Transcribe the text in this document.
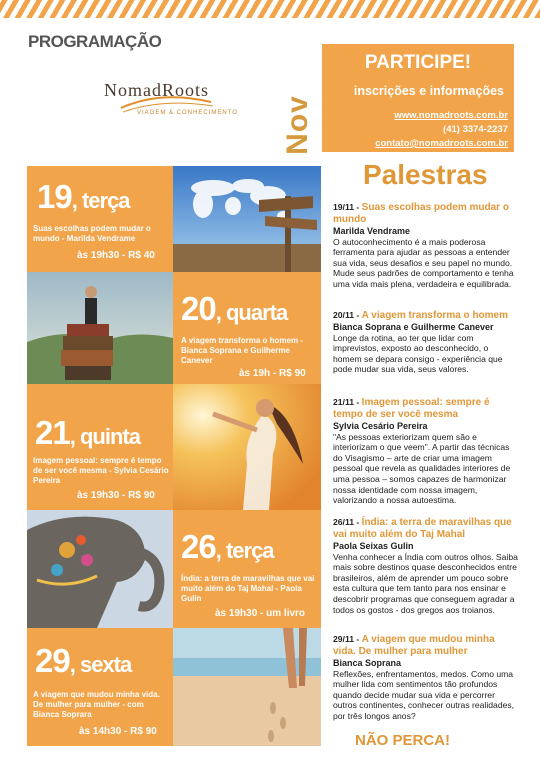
PROGRAMAÇÃO
NomadRoots
VIAGEM & CONHECIMENTO Nov
PARTICIPE!
inscrições e informações
www.nomadroots.com.br
(41) 3374-2237
contato@nomadroots.com.br
19, terça
Suas escolhas podem mudar o mundo - Marilda Vendrame
às 19h30 - R$ 40
20, quarta
A viagem transforma o homem - Bianca Soprana e Guilherme Canever
às 19h - R$ 90
21, quinta
Imagem pessoal: sempre é tempo de ser você mesma - Sylvia Cesário Pereira
às 19h30 - R$ 90
26, terça
Índia: a terra de maravilhas que vai muito além do Taj Mahal - Paola Gulin
às 19h30 - um livro
29, sexta
A viagem que mudou minha vida. De mulher para mulher - com Bianca Soprara
às 14h30 - R$ 90
Palestras
19/11 - Suas escolhas podem mudar o mundo
Marilda Vendrame
O autoconhecimento é a mais poderosa ferramenta para ajudar as pessoas a entender sua vida, seus desafios e seu papel no mundo. Mude seus padrões de comportamento e tenha uma vida mais plena, verdadeira e equilibrada.
20/11 - A viagem transforma o homem
Bianca Soprana e Guilherme Canever
Longe da rotina, ao ter que lidar com imprevistos, exposto ao desconhecido, o homem se depara consigo - experiência que pode mudar sua vida, seus valores.
21/11 - Imagem pessoal: sempre é tempo de ser você mesma
Sylvia Cesário Pereira
"As pessoas exteriorizam quem são e interiorizam o que veem". A partir das técnicas do Visagismo – arte de criar uma imagem pessoal que revela as qualidades interiores de uma pessoa – somos capazes de harmonizar nossa identidade com nossa imagem, valorizando a nossa autoestima.
26/11 - Índia: a terra de maravilhas que vai muito além do Taj Mahal
Paola Seixas Gulin
Venha conhecer a Índia com outros olhos. Saiba mais sobre destinos quase desconhecidos entre brasileiros, além de aprender um pouco sobre esta cultura que tem tanto para nos ensinar e descobrir programas que conseguem agradar a todos os gostos - dos gregos aos troianos.
29/11 - A viagem que mudou minha vida. De mulher para mulher
Bianca Soprana
Reflexões, enfrentamentos, medos. Como uma mulher lida com sentimentos tão profundos quando decide mudar sua vida e percorrer outros continentes, conhecer outras realidades, por três longos anos?
NÃO PERCA!
